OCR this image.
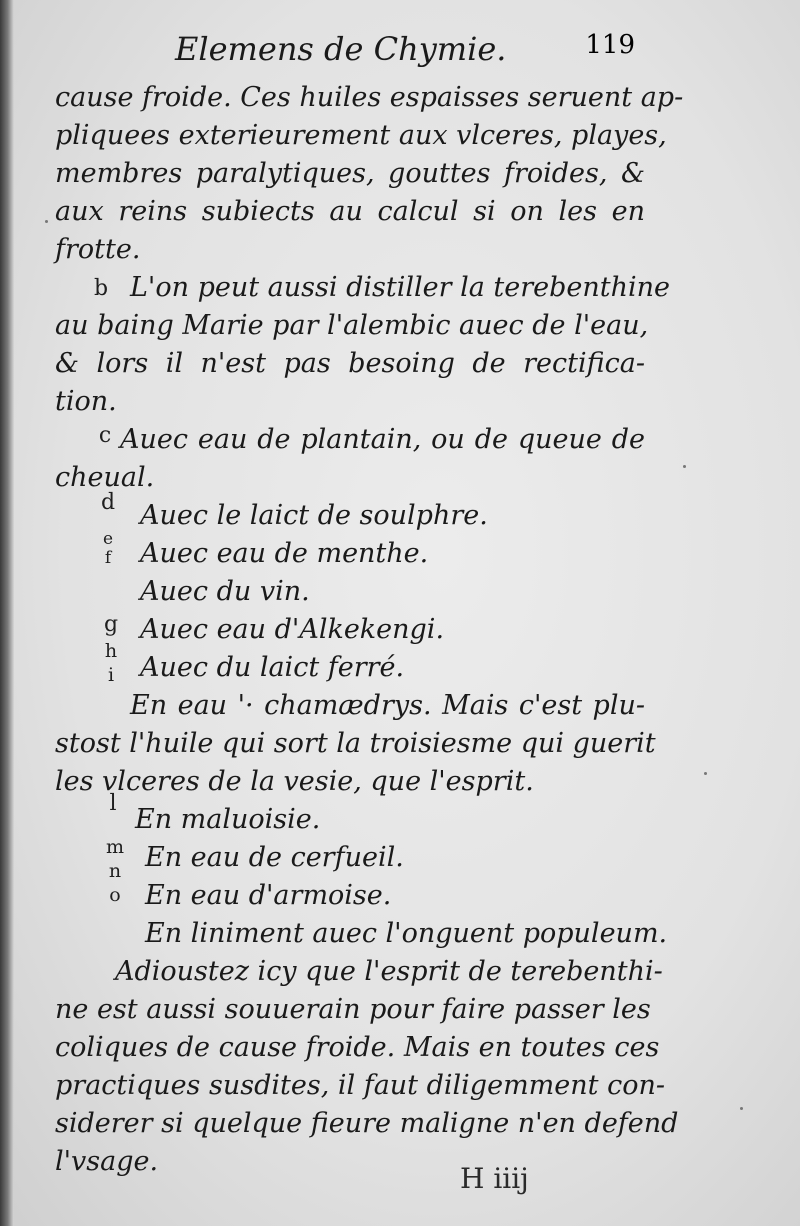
Elemens de Chymie.	119
cause froide. Ces huiles espaisses seruent ap-
pliquees exterieurement aux vlceres, playes,
membres paralytiques, gouttes froides, &
aux reins subiects au calcul si on les en
frotte.
L'on peut aussi distiller la terebenthine
au baing Marie par l'alembic auec de l'eau,
& lors il n'est pas besoing de rectifica-
tion.
Auec eau de plantain, ou de queue de
cheual.
Auec le laict de soulphre.
Auec eau de menthe.
Auec du vin.
Auec eau d'Alkekengi.
Auec du laict ferré.
En eau '· chamædrys. Mais c'est plu-
stost l'huile qui sort la troisiesme qui guerit
les vlceres de la vesie, que l'esprit.
En maluoisie.
En eau de cerfueil.
En eau d'armoise.
En liniment auec l'onguent populeum.
Adioustez icy que l'esprit de terebenthi-
ne est aussi souuerain pour faire passer les
coliques de cause froide. Mais en toutes ces
practiques susdites, il faut diligemment con-
siderer si quelque fieure maligne n'en defend
l'vsage.
b
c
d
e
f
g
h
i
l
m
n
o
H iiij
